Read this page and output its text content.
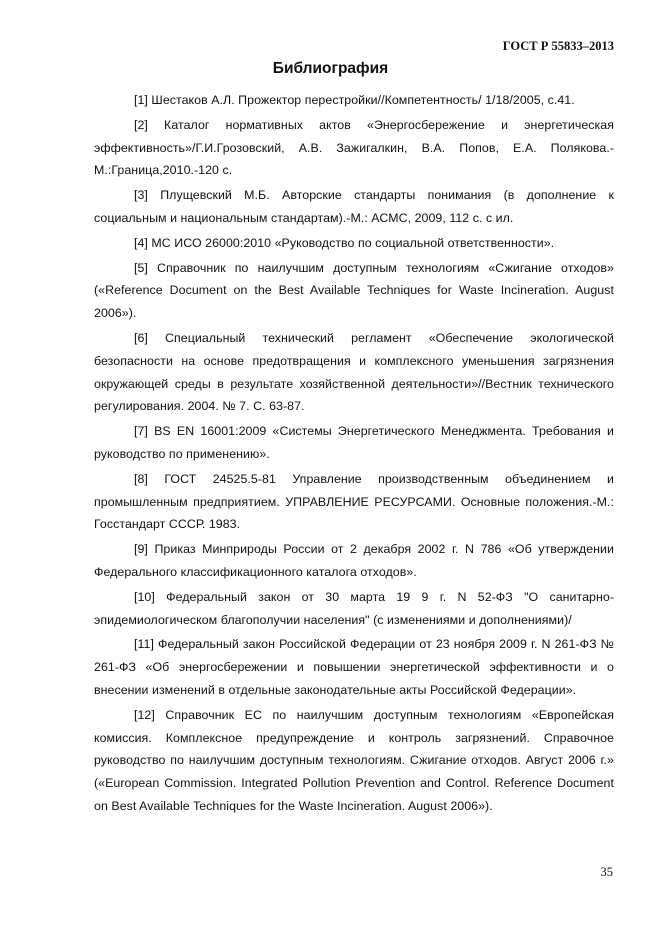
ГОСТ Р 55833–2013
Библиография

[1] Шестаков А.Л. Прожектор перестройки//Компетентность/ 1/18/2005, с.41.

[2] Каталог нормативных актов «Энергосбережение и энергетическая эффективность»/Г.И.Грозовский, А.В. Зажигалкин, В.А. Попов, Е.А. Полякова.- М.:Граница,2010.-120 с.

[3] Плущевский М.Б. Авторские стандарты понимания (в дополнение к социальным и национальным стандартам).-М.: АСМС, 2009, 112 с. с ил.

[4] МС ИСО 26000:2010 «Руководство по социальной ответственности».

[5] Справочник по наилучшим доступным технологиям «Сжигание отходов» («Reference Document on the Best Available Techniques for Waste Incineration. August 2006»).

[6] Специальный технический регламент «Обеспечение экологической безопасности на основе предотвращения и комплексного уменьшения загрязнения окружающей среды в результате хозяйственной деятельности»//Вестник технического регулирования. 2004. № 7. С. 63-87.

[7] BS EN 16001:2009 «Системы Энергетического Менеджмента. Требования и руководство по применению».

[8] ГОСТ 24525.5-81 Управление производственным объединением и промышленным предприятием. УПРАВЛЕНИЕ РЕСУРСАМИ. Основные положения.-М.: Госстандарт СССР. 1983.

[9] Приказ Минприроды России от 2 декабря 2002 г. N 786 «Об утверждении Федерального классификационного каталога отходов».

[10] Федеральный закон от 30 марта 19 9 г. N 52-ФЗ "О санитарно-эпидемиологическом благополучии населения" (с изменениями и дополнениями)/

[11] Федеральный закон Российской Федерации от 23 ноября 2009 г. N 261-ФЗ № 261-ФЗ «Об энергосбережении и повышении энергетической эффективности и о внесении изменений в отдельные законодательные акты Российской Федерации».

[12] Справочник ЕС по наилучшим доступным технологиям «Европейская комиссия. Комплексное предупреждение и контроль загрязнений. Справочное руководство по наилучшим доступным технологиям. Сжигание отходов. Август 2006 г.» («European Commission. Integrated Pollution Prevention and Control. Reference Document on Best Available Techniques for the Waste Incineration. August 2006»).

35
